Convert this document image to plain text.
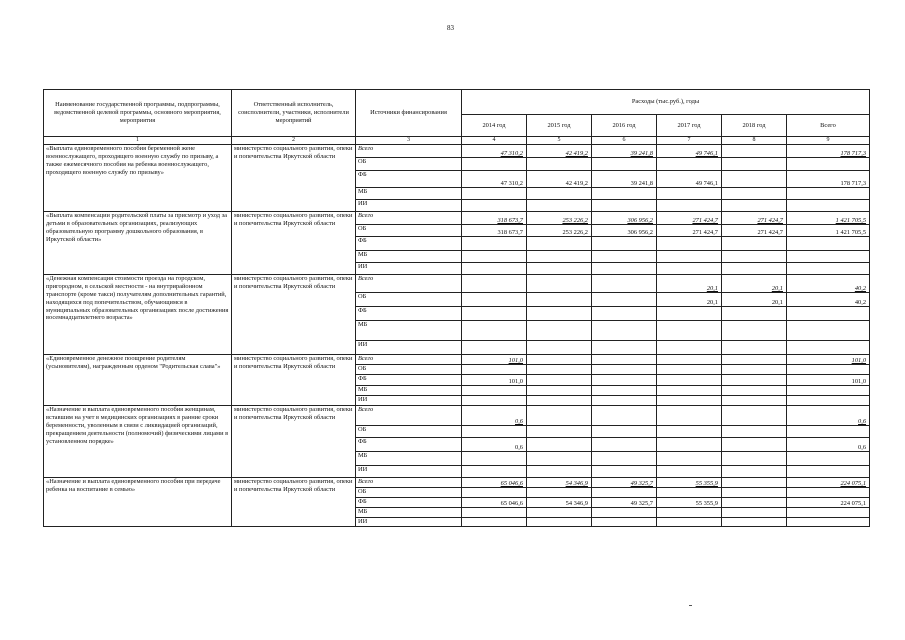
83
Наименование государственной программы, подпрограммы, ведомственной целевой программы, основного мероприятия, мероприятия	Ответственный исполнитель, соисполнители, участники, исполнители мероприятий	Источники финансирования	Расходы (тыс.руб.), годы					
			2014 год	2015 год	2016 год	2017 год	2018 год	Всего
1	2	3	4	5	6	7	8	9
«Выплата единовременного пособия беременной жене военнослужащего, проходящего военную службу по призыву, а также ежемесячного пособия на ребенка военнослужащего, проходящего военную службу по призыву»	министерство социального развития, опеки и попечительства Иркутской области	Всего	47 310,2	42 419,2	39 241,8	49 746,1		178 717,3
		ОБ						
		ФБ	47 310,2	42 419,2	39 241,8	49 746,1		178 717,3
		МБ						
		ИИ						
«Выплата компенсации родительской платы за присмотр и уход за детьми в образовательных организациях, реализующих образовательную программу дошкольного образования, в Иркутской области»	министерство социального развития, опеки и попечительства Иркутской области	Всего	318 673,7	253 226,2	306 956,2	271 424,7	271 424,7	1 421 705,5
		ОБ	318 673,7	253 226,2	306 956,2	271 424,7	271 424,7	1 421 705,5
		ФБ						
		МБ						
		ИИ						
«Денежная компенсация стоимости проезда на городском, пригородном, в сельской местности - на внутрирайонном транспорте (кроме такси) получателям дополнительных гарантий, находящихся под попечительством, обучающимся в муниципальных образовательных организациях после достижения восемнадцатилетнего возраста»	министерство социального развития, опеки и попечительства Иркутской области	Всего				20,1	20,1	40,2
		ОБ				20,1	20,1	40,2
		ФБ						
		МБ						
		ИИ						
«Единовременное денежное поощрение родителям (усыновителям), награжденным орденом "Родительская слава"»	министерство социального развития, опеки и попечительства Иркутской области	Всего	101,0					101,0
		ОБ						
		ФБ	101,0					101,0
		МБ						
		ИИ						
«Назначение и выплата единовременного пособия женщинам, вставшим на учет в медицинских организациях в ранние сроки беременности, уволенным в связи с ликвидацией организаций, прекращением деятельности (полномочий) физическими лицами в установленном порядке»	министерство социального развития, опеки и попечительства Иркутской области	Всего	0,6					0,6
		ОБ						
		ФБ	0,6					0,6
		МБ						
		ИИ						
«Назначение и выплата единовременного пособия при передаче ребенка на воспитание в семью»	министерство социального развития, опеки и попечительства Иркутской области	Всего	65 046,6	54 346,9	49 325,7	55 355,9		224 075,1
		ОБ						
		ФБ	65 046,6	54 346,9	49 325,7	55 355,9		224 075,1
		МБ						
		ИИ						
